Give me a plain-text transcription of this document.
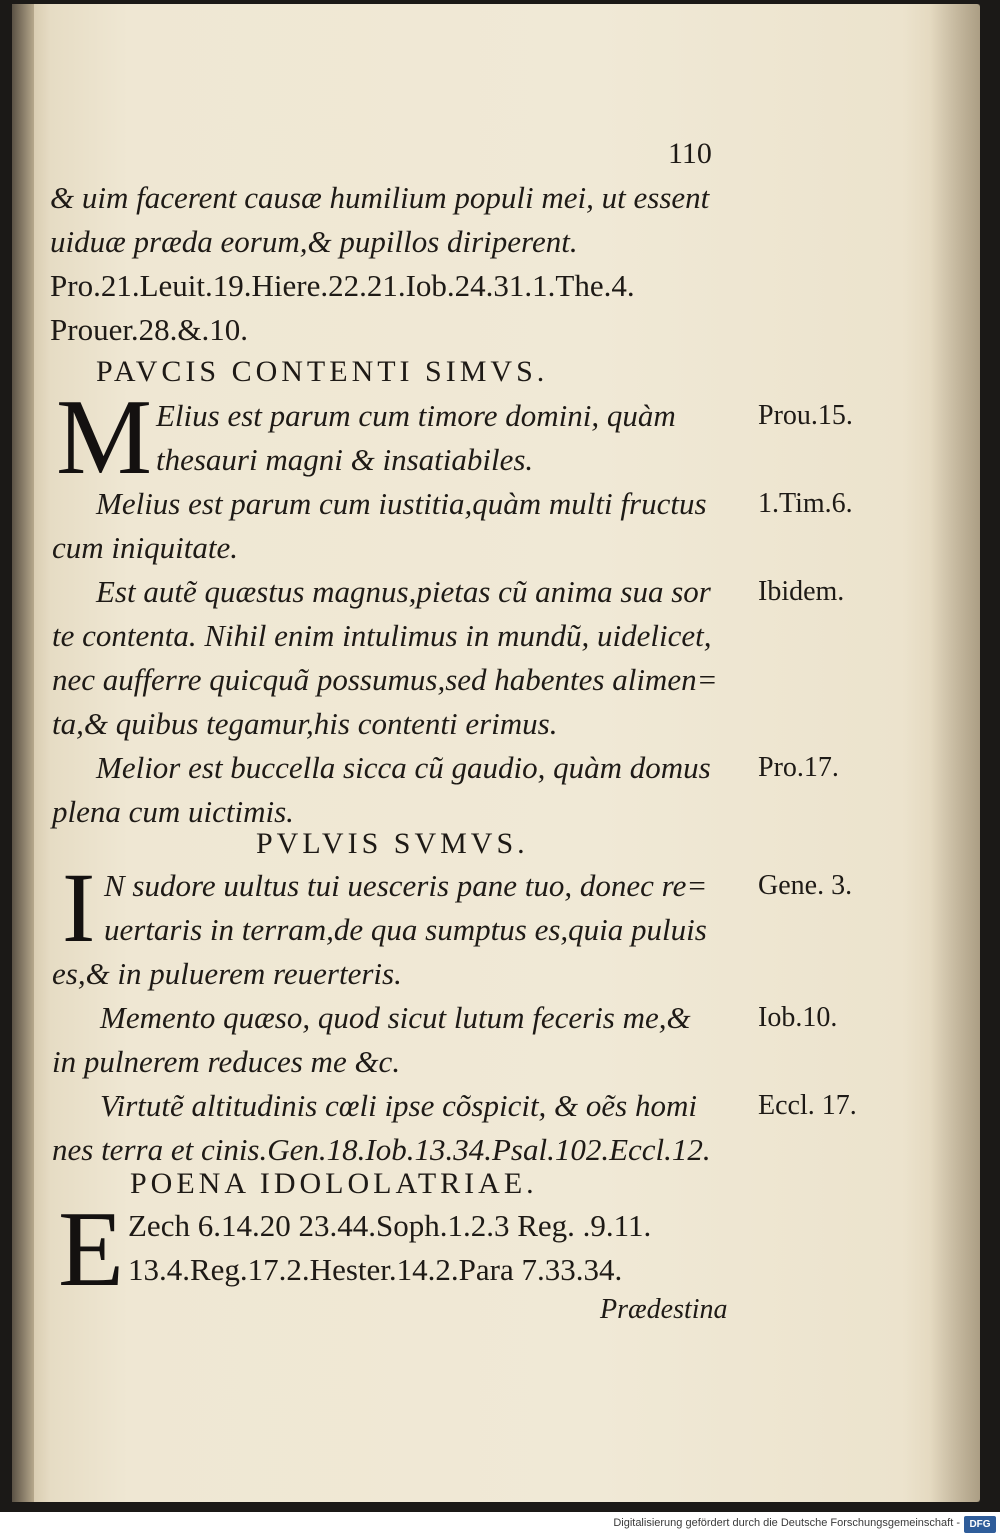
110
& uim facerent causæ humilium populi mei, ut essent
uiduæ præda eorum,& pupillos diriperent.
Pro.21.Leuit.19.Hiere.22.21.Iob.24.31.1.The.4.
Prouer.28.&.10.
PAVCIS CONTENTI SIMVS.
M Elius est parum cum timore domini, quàm
thesauri magni & insatiabiles.
Melius est parum cum iustitia,quàm multi fructus
cum iniquitate.
Est autẽ quæstus magnus,pietas cũ anima sua sor
te contenta. Nihil enim intulimus in mundũ, uidelicet,
nec aufferre quicquã possumus,sed habentes alimen=
ta,& quibus tegamur,his contenti erimus.
Melior est buccella sicca cũ gaudio, quàm domus
plena cum uictimis.
Prou.15.
1.Tim.6.
Ibidem.
Pro.17.
PVLVIS SVMVS.
I N sudore uultus tui uesceris pane tuo, donec re=
uertaris in terram,de qua sumptus es,quia puluis
es,& in puluerem reuerteris.
Memento quæso, quod sicut lutum feceris me,&
in pulnerem reduces me &c.
Virtutẽ altitudinis cœli ipse cõspicit, & oẽs homi
nes terra et cinis.Gen.18.Iob.13.34.Psal.102.Eccl.12.
Gene. 3.
Iob.10.
Eccl. 17.
POENA IDOLOLATRIAE.
E Zech 6.14.20 23.44.Soph.1.2.3 Reg. .9.11.
13.4.Reg.17.2.Hester.14.2.Para 7.33.34.
Prædestina
Digitalisierung gefördert durch die Deutsche Forschungsgemeinschaft - DFG
